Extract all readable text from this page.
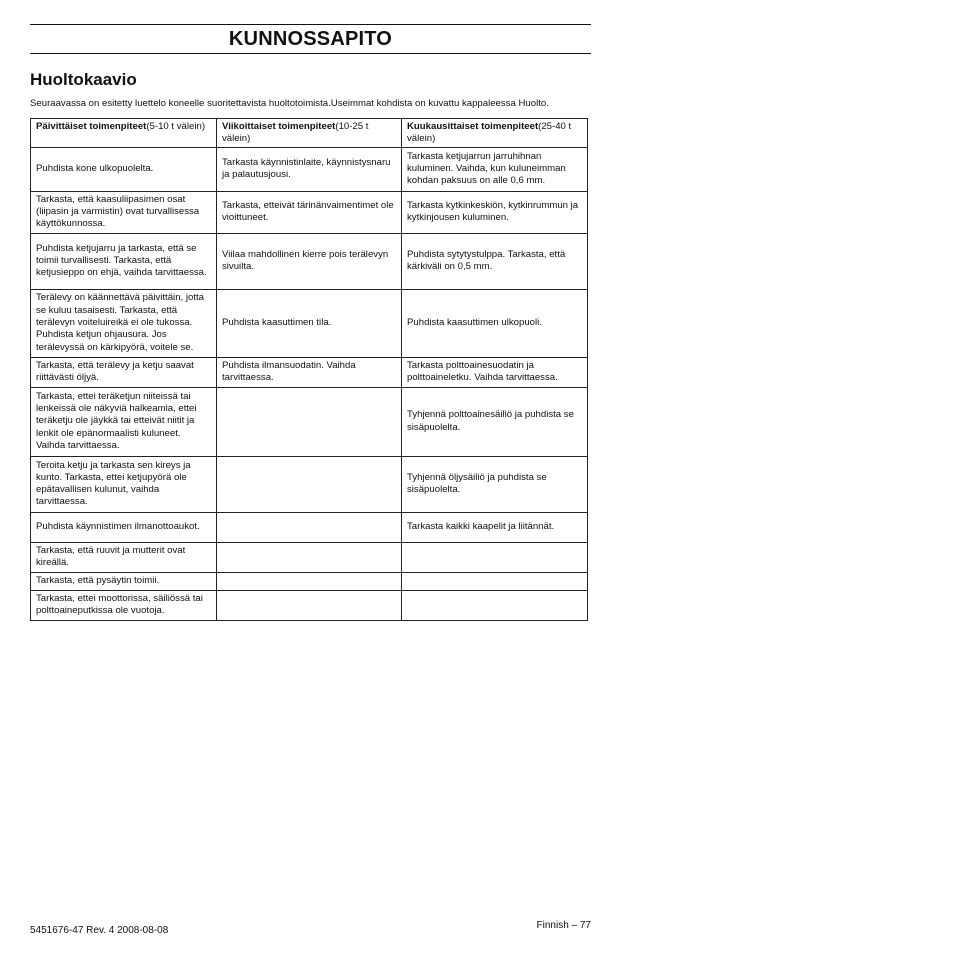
KUNNOSSAPITO
Huoltokaavio
Seuraavassa on esitetty luettelo koneelle suoritettavista huoltotoimista.Useimmat kohdista on kuvattu kappaleessa Huolto.
Päivittäiset toimenpiteet(5-10 t välein)	Viikoittaiset toimenpiteet(10-25 t välein)	Kuukausittaiset toimenpiteet(25-40 t välein)
Puhdista kone ulkopuolelta.	Tarkasta käynnistinlaite, käynnistysnaru ja palautusjousi.	Tarkasta ketjujarrun jarruhihnan kuluminen. Vaihda, kun kuluneimman kohdan paksuus on alle 0,6 mm.
Tarkasta, että kaasuliipasimen osat (liipasin ja varmistin) ovat turvallisessa käyttökunnossa.	Tarkasta, etteivät tärinänvaimentimet ole vioittuneet.	Tarkasta kytkinkeskiön, kytkinrummun ja kytkinjousen kuluminen.
Puhdista ketjujarru ja tarkasta, että se toimii turvallisesti. Tarkasta, että ketjusieppo on ehjä, vaihda tarvittaessa.	Viilaa mahdollinen kierre pois terälevyn sivuilta.	Puhdista sytytystulppa. Tarkasta, että kärkiväli on 0,5 mm.
Terälevy on käännettävä päivittäin, jotta se kuluu tasaisesti. Tarkasta, että terälevyn voiteluireikä ei ole tukossa. Puhdista ketjun ohjausura. Jos terälevyssä on kärkipyörä, voitele se.	Puhdista kaasuttimen tila.	Puhdista kaasuttimen ulkopuoli.
Tarkasta, että terälevy ja ketju saavat riittävästi öljyä.	Puhdista ilmansuodatin. Vaihda tarvittaessa.	Tarkasta polttoainesuodatin ja polttoaineletku. Vaihda tarvittaessa.
Tarkasta, ettei teräketjun niiteissä tai lenkeissä ole näkyviä halkeamia, ettei teräketju ole jäykkä tai etteivät niitit ja lenkit ole epänormaalisti kuluneet. Vaihda tarvittaessa.		Tyhjennä polttoainesäiliö ja puhdista se sisäpuolelta.
Teroita ketju ja tarkasta sen kireys ja kunto. Tarkasta, ettei ketjupyörä ole epätavallisen kulunut, vaihda tarvittaessa.		Tyhjennä öljysäiliö ja puhdista se sisäpuolelta.
Puhdista käynnistimen ilmanottoaukot.		Tarkasta kaikki kaapelit ja liitännät.
Tarkasta, että ruuvit ja mutterit ovat kireällä.		
Tarkasta, että pysäytin toimii.		
Tarkasta, ettei moottorissa, säiliössä tai polttoaineputkissa ole vuotoja.		
Finnish – 77
5451676-47 Rev. 4 2008-08-08
